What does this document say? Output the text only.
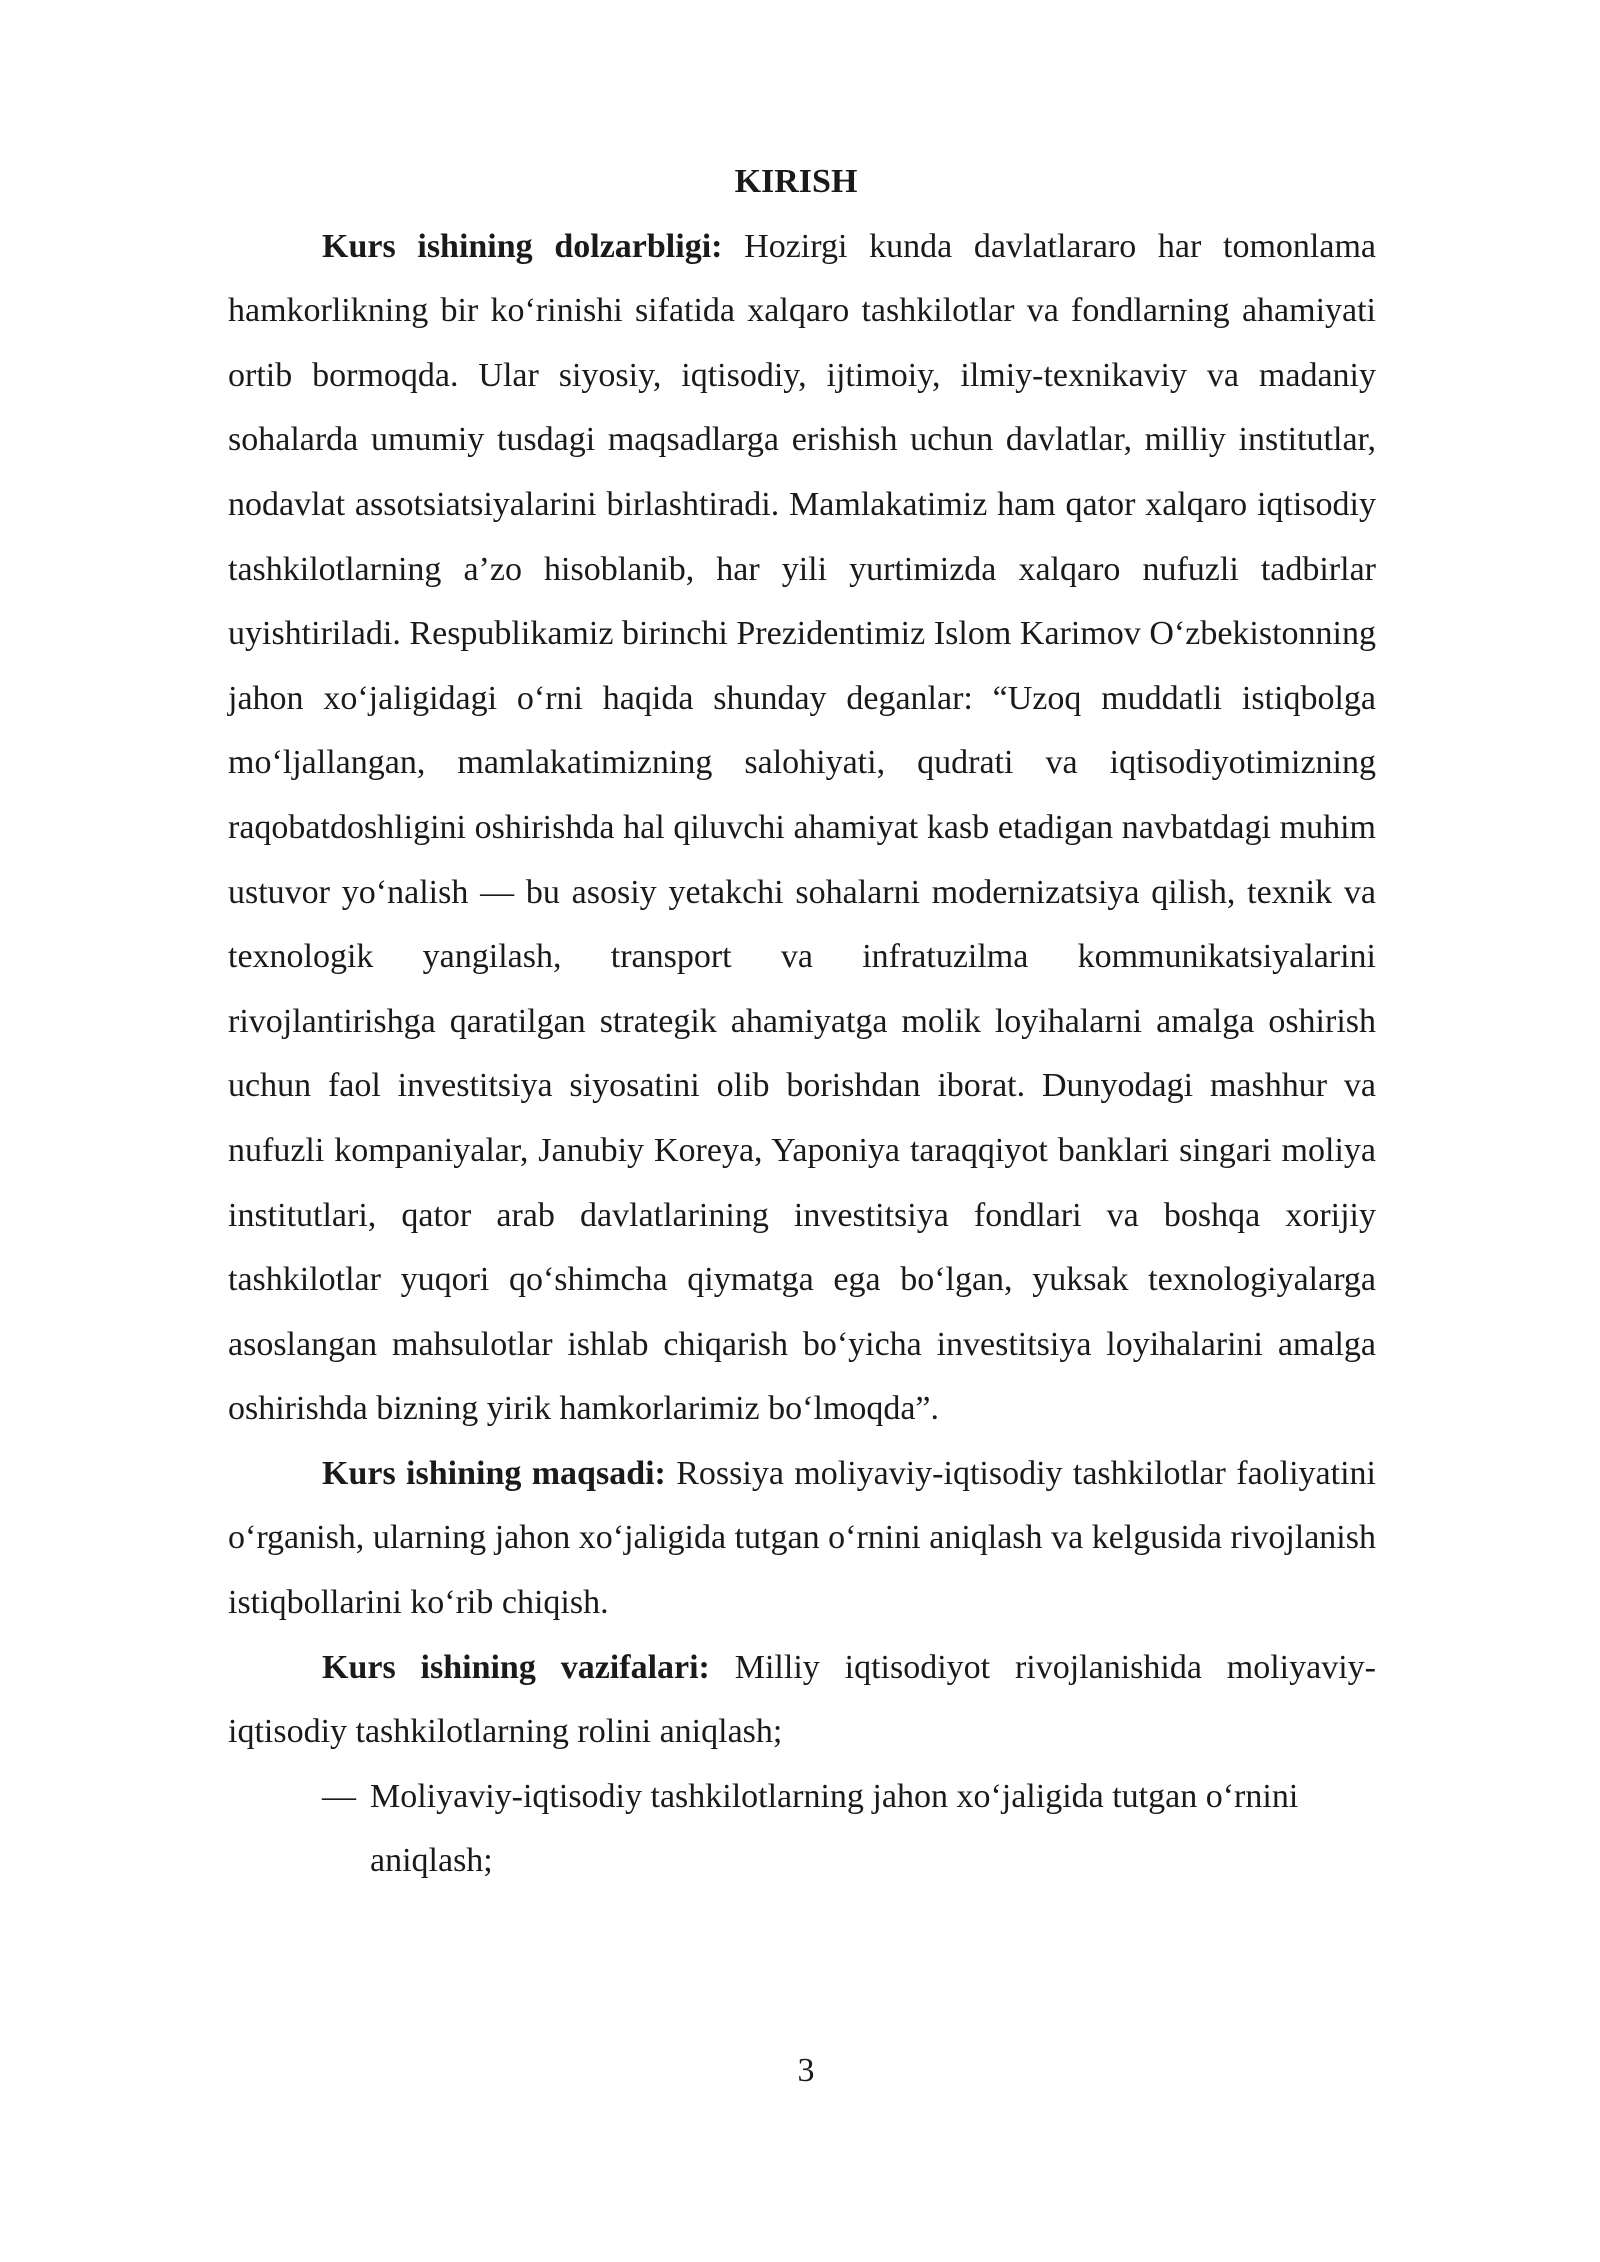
KIRISH

Kurs ishining dolzarbligi: Hozirgi kunda davlatlararo har tomonlama hamkorlikning bir ko‘rinishi sifatida xalqaro tashkilotlar va fondlarning ahamiyati ortib bormoqda. Ular siyosiy, iqtisodiy, ijtimoiy, ilmiy-texnikaviy va madaniy sohalarda umumiy tusdagi maqsadlarga erishish uchun davlatlar, milliy institutlar, nodavlat assotsiatsiyalarini birlashtiradi. Mamlakatimiz ham qator xalqaro iqtisodiy tashkilotlarning a’zo hisoblanib, har yili yurtimizda xalqaro nufuzli tadbirlar uyishtiriladi. Respublikamiz birinchi Prezidentimiz Islom Karimov O‘zbekistonning jahon xo‘jaligidagi o‘rni haqida shunday deganlar: “Uzoq muddatli istiqbolga mo‘ljallangan, mamlakatimizning salohiyati, qudrati va iqtisodiyotimizning raqobatdoshligini oshirishda hal qiluvchi ahamiyat kasb etadigan navbatdagi muhim ustuvor yo‘nalish — bu asosiy yetakchi sohalarni modernizatsiya qilish, texnik va texnologik yangilash, transport va infratuzilma kommunikatsiyalarini rivojlantirishga qaratilgan strategik ahamiyatga molik loyihalarni amalga oshirish uchun faol investitsiya siyosatini olib borishdan iborat. Dunyodagi mashhur va nufuzli kompaniyalar, Janubiy Koreya, Yaponiya taraqqiyot banklari singari moliya institutlari, qator arab davlatlarining investitsiya fondlari va boshqa xorijiy tashkilotlar yuqori qo‘shimcha qiymatga ega bo‘lgan, yuksak texnologiyalarga asoslangan mahsulotlar ishlab chiqarish bo‘yicha investitsiya loyihalarini amalga oshirishda bizning yirik hamkorlarimiz bo‘lmoqda”.

Kurs ishining maqsadi: Rossiya moliyaviy-iqtisodiy tashkilotlar faoliyatini o‘rganish, ularning jahon xo‘jaligida tutgan o‘rnini aniqlash va kelgusida rivojlanish istiqbollarini ko‘rib chiqish.

Kurs ishining vazifalari: Milliy iqtisodiyot rivojlanishida moliyaviy-iqtisodiy tashkilotlarning rolini aniqlash;

— Moliyaviy-iqtisodiy tashkilotlarning jahon xo‘jaligida tutgan o‘rnini aniqlash;

3
